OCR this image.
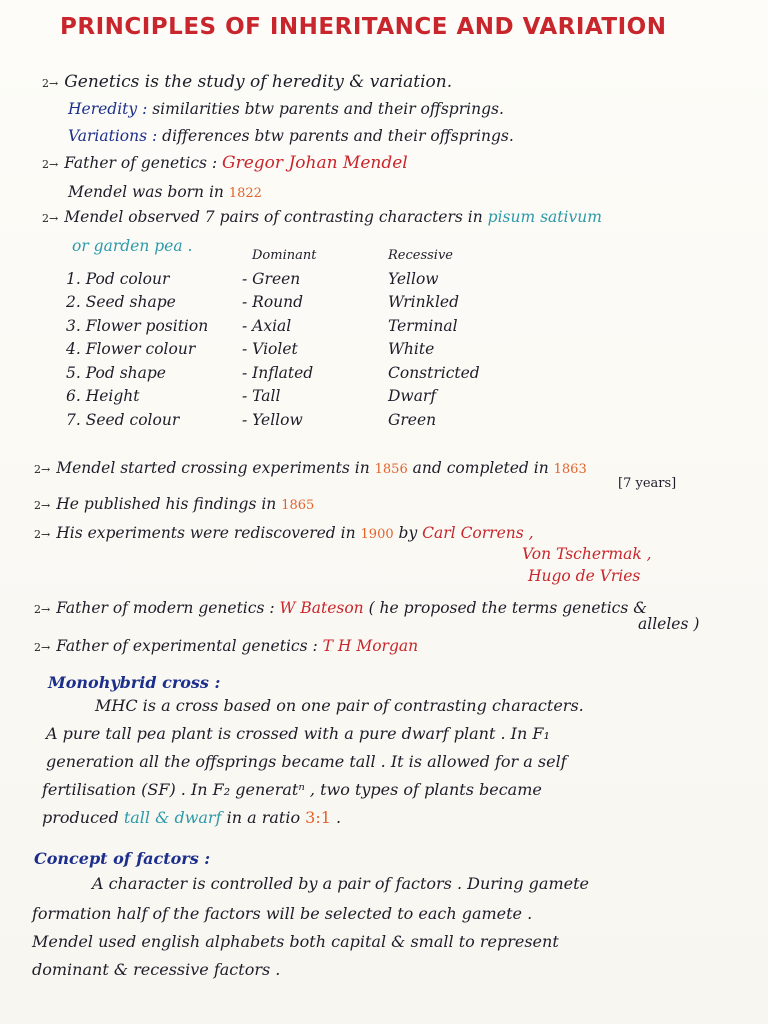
PRINCIPLES OF INHERITANCE AND VARIATION
2→ Genetics is the study of heredity & variation.
Heredity : similarities btw parents and their offsprings.
Variations : differences btw parents and their offsprings.
2→ Father of genetics : Gregor Johan Mendel
Mendel was born in 1822
2→ Mendel observed 7 pairs of contrasting characters in pisum sativum
or garden pea .
		Dominant	Recessive
1. Pod colour	- Green	Yellow
2. Seed shape	- Round	Wrinkled
3. Flower position	- Axial	Terminal
4. Flower colour	- Violet	White
5. Pod shape	- Inflated	Constricted
6. Height	- Tall	Dwarf
7. Seed colour	- Yellow	Green
2→ Mendel started crossing experiments in 1856 and completed in 1863
[7 years]
2→ He published his findings in 1865
2→ His experiments were rediscovered in 1900 by Carl Correns ,
Von Tschermak ,
Hugo de Vries
2→ Father of modern genetics : W Bateson ( he proposed the terms genetics &
alleles )
2→ Father of experimental genetics : T H Morgan
Monohybrid cross :
MHC is a cross based on one pair of contrasting characters.
A pure tall pea plant is crossed with a pure dwarf plant . In F₁
generation all the offsprings became tall . It is allowed for a self
fertilisation (SF) . In F₂ generatⁿ , two types of plants became
produced tall & dwarf in a ratio 3:1 .
Concept of factors :
A character is controlled by a pair of factors . During gamete
formation half of the factors will be selected to each gamete .
Mendel used english alphabets both capital & small to represent
dominant & recessive factors .
